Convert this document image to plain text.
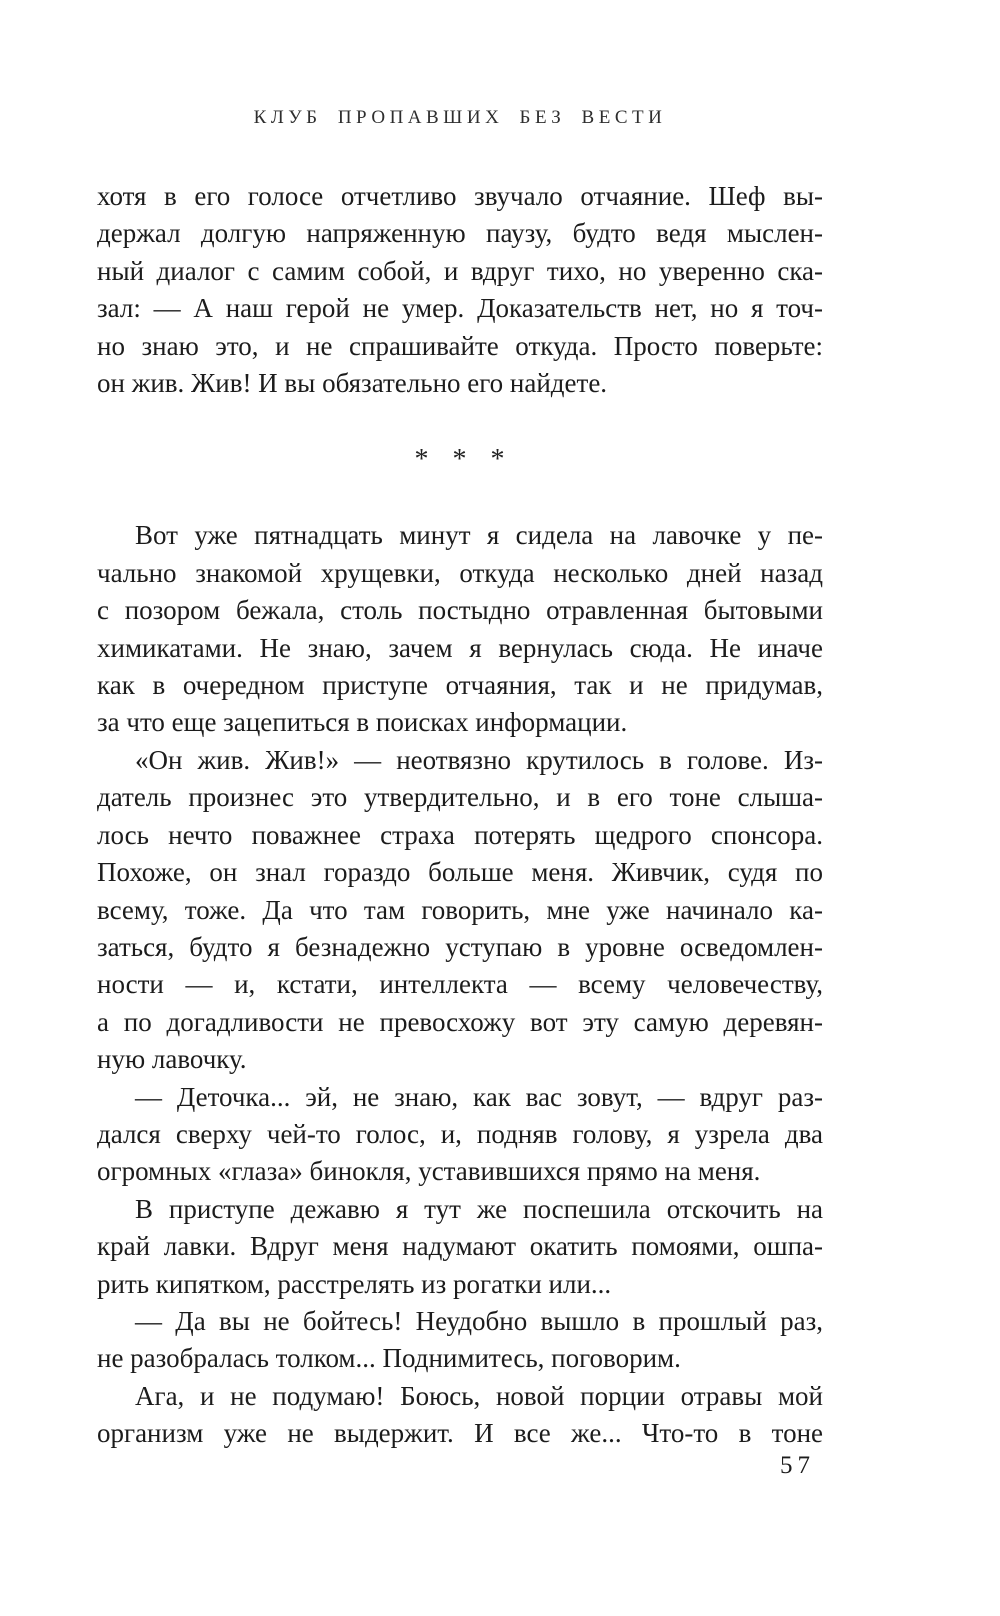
КЛУБ ПРОПАВШИХ БЕЗ ВЕСТИ

хотя в его голосе отчетливо звучало отчаяние. Шеф вы-
держал долгую напряженную паузу, будто ведя мыслен-
ный диалог с самим собой, и вдруг тихо, но уверенно ска-
зал: — А наш герой не умер. Доказательств нет, но я точ-
но знаю это, и не спрашивайте откуда. Просто поверьте:
он жив. Жив! И вы обязательно его найдете.

* * *

Вот уже пятнадцать минут я сидела на лавочке у пе-
чально знакомой хрущевки, откуда несколько дней назад
с позором бежала, столь постыдно отравленная бытовыми
химикатами. Не знаю, зачем я вернулась сюда. Не иначе
как в очередном приступе отчаяния, так и не придумав,
за что еще зацепиться в поисках информации.

«Он жив. Жив!» — неотвязно крутилось в голове. Из-
датель произнес это утвердительно, и в его тоне слыша-
лось нечто поважнее страха потерять щедрого спонсора.
Похоже, он знал гораздо больше меня. Живчик, судя по
всему, тоже. Да что там говорить, мне уже начинало ка-
заться, будто я безнадежно уступаю в уровне осведомлен-
ности — и, кстати, интеллекта — всему человечеству,
а по догадливости не превосхожу вот эту самую деревян-
ную лавочку.

— Деточка... эй, не знаю, как вас зовут, — вдруг раз-
дался сверху чей-то голос, и, подняв голову, я узрела два
огромных «глаза» бинокля, уставившихся прямо на меня.

В приступе дежавю я тут же поспешила отскочить на
край лавки. Вдруг меня надумают окатить помоями, ошпа-
рить кипятком, расстрелять из рогатки или...

— Да вы не бойтесь! Неудобно вышло в прошлый раз,
не разобралась толком... Поднимитесь, поговорим.

Ага, и не подумаю! Боюсь, новой порции отравы мой
организм уже не выдержит. И все же... Что-то в тоне

57
